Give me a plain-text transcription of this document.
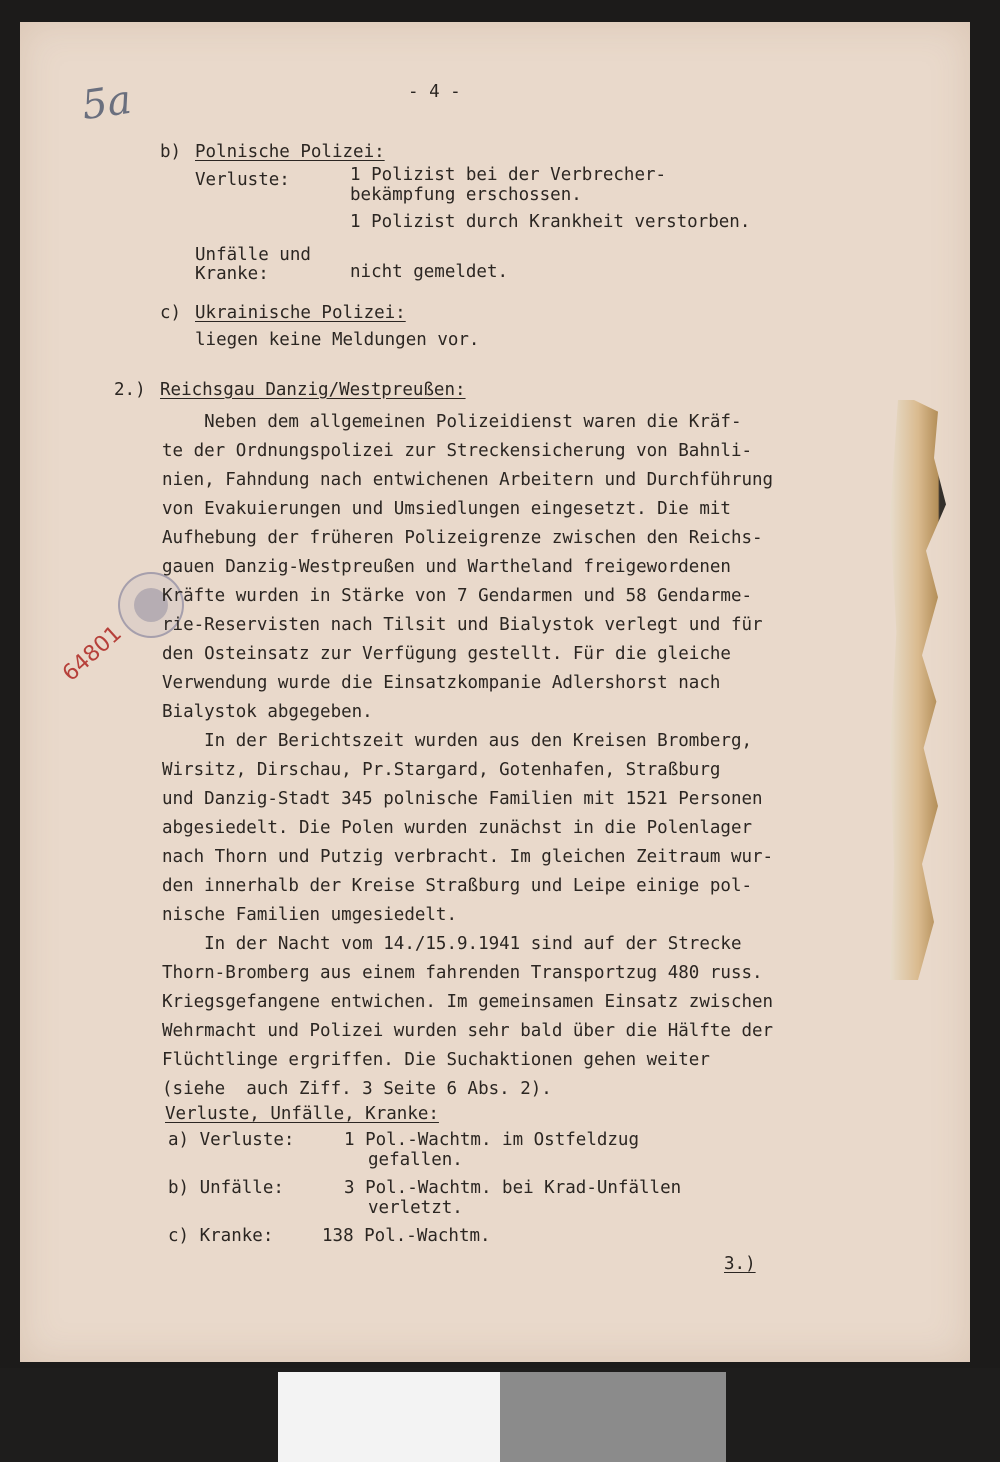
5a
64801
- 4 -
b) Polnische Polizei:
Verluste:	1 Polizist bei der Verbrecher-
bekämpfung erschossen.
1 Polizist durch Krankheit verstorben.
Unfälle und
Kranke:	nicht gemeldet.
c) Ukrainische Polizei:
liegen keine Meldungen vor.
2.) Reichsgau Danzig/Westpreußen:
Neben dem allgemeinen Polizeidienst waren die Kräf-
te der Ordnungspolizei zur Streckensicherung von Bahnli-
nien, Fahndung nach entwichenen Arbeitern und Durchführung
von Evakuierungen und Umsiedlungen eingesetzt. Die mit
Aufhebung der früheren Polizeigrenze zwischen den Reichs-
gauen Danzig-Westpreußen und Wartheland freigewordenen
Kräfte wurden in Stärke von 7 Gendarmen und 58 Gendarme-
rie-Reservisten nach Tilsit und Bialystok verlegt und für
den Osteinsatz zur Verfügung gestellt. Für die gleiche
Verwendung wurde die Einsatzkompanie Adlershorst nach
Bialystok abgegeben.
In der Berichtszeit wurden aus den Kreisen Bromberg,
Wirsitz, Dirschau, Pr.Stargard, Gotenhafen, Straßburg
und Danzig-Stadt 345 polnische Familien mit 1521 Personen
abgesiedelt. Die Polen wurden zunächst in die Polenlager
nach Thorn und Putzig verbracht. Im gleichen Zeitraum wur-
den innerhalb der Kreise Straßburg und Leipe einige pol-
nische Familien umgesiedelt.
In der Nacht vom 14./15.9.1941 sind auf der Strecke
Thorn-Bromberg aus einem fahrenden Transportzug 480 russ.
Kriegsgefangene entwichen. Im gemeinsamen Einsatz zwischen
Wehrmacht und Polizei wurden sehr bald über die Hälfte der
Flüchtlinge ergriffen. Die Suchaktionen gehen weiter
(siehe  auch Ziff. 3 Seite 6 Abs. 2).
Verluste, Unfälle, Kranke:
a) Verluste:	1 Pol.-Wachtm. im Ostfeldzug
gefallen.
b) Unfälle:	3 Pol.-Wachtm. bei Krad-Unfällen
verletzt.
c) Kranke:	138 Pol.-Wachtm.
3.)
